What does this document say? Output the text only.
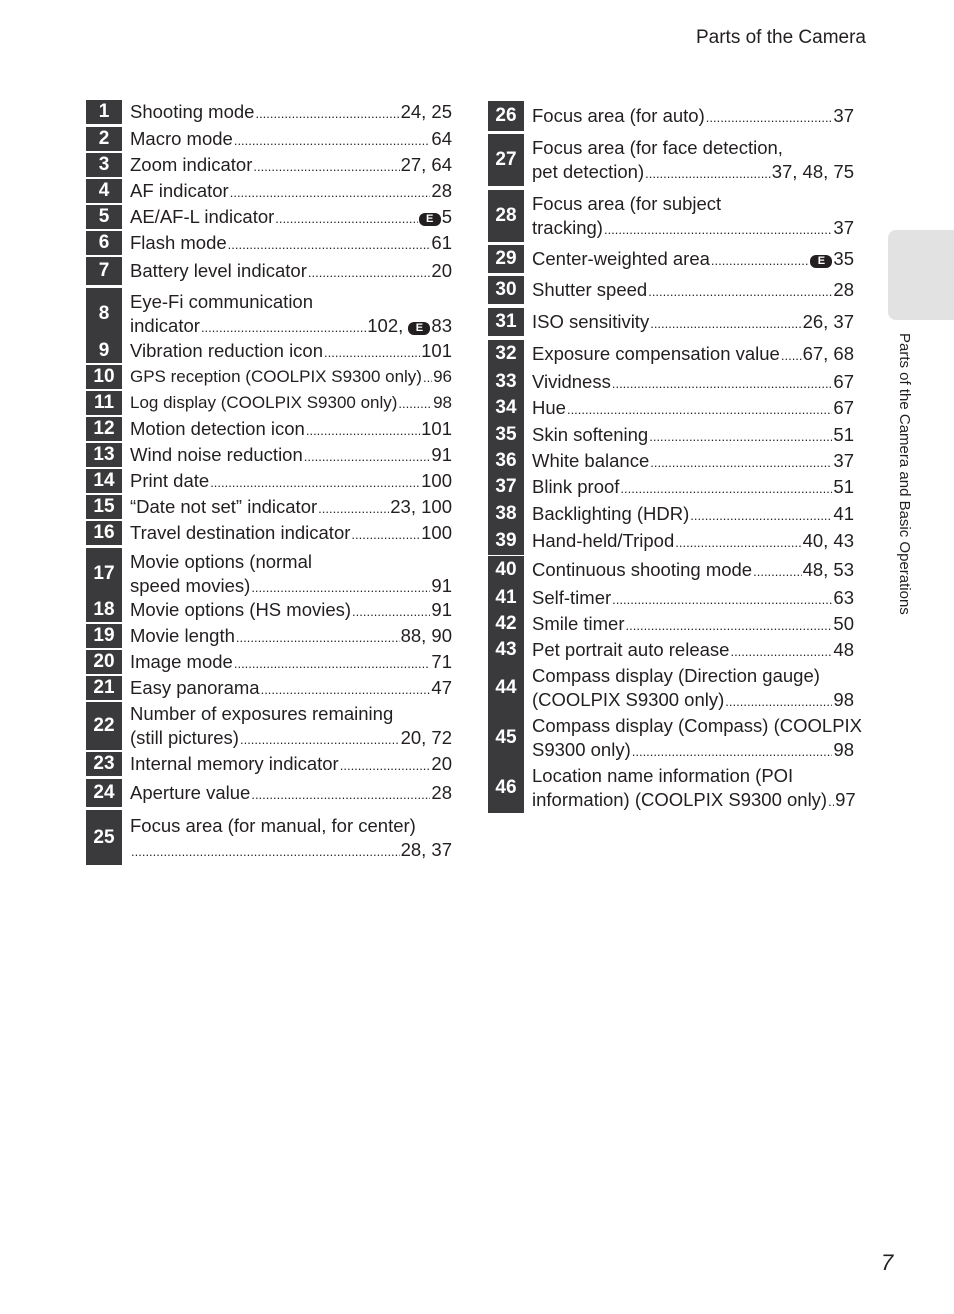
Parts of the Camera
Parts of the Camera and Basic Operations
7
1	Shooting mode .....	24, 25
2	Macro mode .....	64
3	Zoom indicator .....	27, 64
4	AF indicator .....	28
5	AE/AF-L indicator .....	E 5
6	Flash mode .....	61
7	Battery level indicator .....	20
8
Eye-Fi communication
indicator .....	102, E 83
9	Vibration reduction icon .....	101
10 GPS reception (COOLPIX S9300 only) ..... 96
11 Log display (COOLPIX S9300 only) ..... 98
12 Motion detection icon .....	101
13 Wind noise reduction .....	91
14 Print date .....	100
15 “Date not set” indicator .....	23, 100
16 Travel destination indicator .....	100
17
Movie options (normal
speed movies) .....	91
18 Movie options (HS movies) .....	91
19 Movie length .....	88, 90
20 Image mode .....	71
21 Easy panorama .....	47
22
Number of exposures remaining
(still pictures) .....	20, 72
23 Internal memory indicator .....	20
24 Aperture value .....	28
25
Focus area (for manual, for center)
.....
28, 37
26 Focus area (for auto) .....	37
27
Focus area (for face detection,
pet detection) .....	37, 48, 75
28
Focus area (for subject
tracking) .....	37
29 Center-weighted area .....	E 35
30 Shutter speed .....	28
31 ISO sensitivity .....	26, 37
32 Exposure compensation value ..... 67, 68
33 Vividness .....	67
34 Hue .....	67
35 Skin softening .....	51
36 White balance .....	37
37 Blink proof .....	51
38 Backlighting (HDR) .....	41
39 Hand-held/Tripod .....	40, 43
40 Continuous shooting mode .....	48, 53
41 Self-timer .....	63
42 Smile timer .....	50
43 Pet portrait auto release .....	48
44
Compass display (Direction gauge)
(COOLPIX S9300 only) .....	98
45
Compass display (Compass) (COOLPIX
S9300 only) .....	98
46
Location name information (POI
information) (COOLPIX S9300 only) ..... 97
